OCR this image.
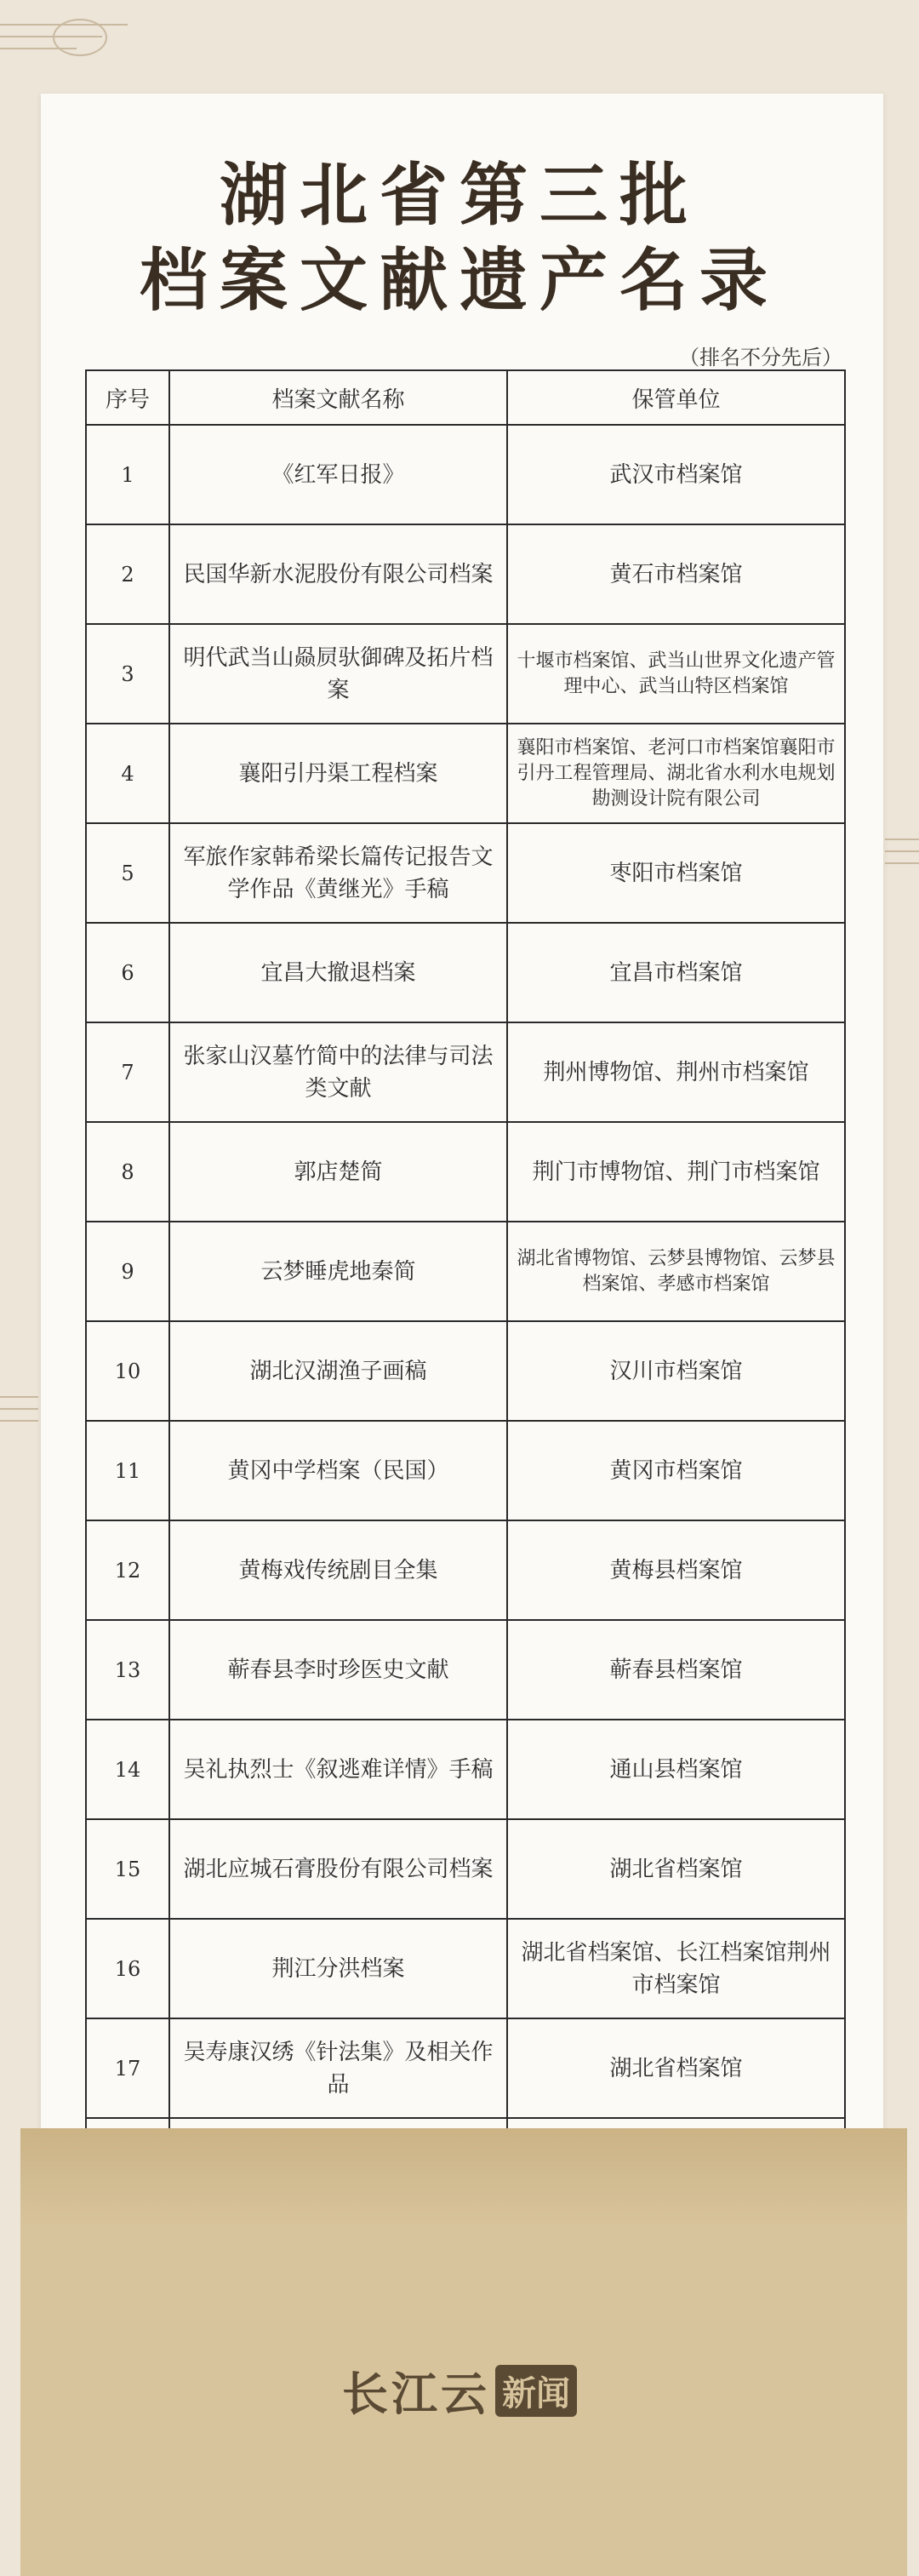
湖北省第三批
档案文献遗产名录
（排名不分先后）
序号	档案文献名称	保管单位
1	《红军日报》	武汉市档案馆
2	民国华新水泥股份有限公司档案	黄石市档案馆
3	明代武当山赑屃驮御碑及拓片档案	十堰市档案馆、武当山世界文化遗产管理中心、武当山特区档案馆
4	襄阳引丹渠工程档案	襄阳市档案馆、老河口市档案馆襄阳市引丹工程管理局、湖北省水利水电规划勘测设计院有限公司
5	军旅作家韩希梁长篇传记报告文学作品《黄继光》手稿	枣阳市档案馆
6	宜昌大撤退档案	宜昌市档案馆
7	张家山汉墓竹简中的法律与司法类文献	荆州博物馆、荆州市档案馆
8	郭店楚简	荆门市博物馆、荆门市档案馆
9	云梦睡虎地秦简	湖北省博物馆、云梦县博物馆、云梦县档案馆、孝感市档案馆
10	湖北汉湖渔子画稿	汉川市档案馆
11	黄冈中学档案（民国）	黄冈市档案馆
12	黄梅戏传统剧目全集	黄梅县档案馆
13	蕲春县李时珍医史文献	蕲春县档案馆
14	吴礼执烈士《叙逃难详情》手稿	通山县档案馆
15	湖北应城石膏股份有限公司档案	湖北省档案馆
16	荆江分洪档案	湖北省档案馆、长江档案馆荆州市档案馆
17	吴寿康汉绣《针法集》及相关作品	湖北省档案馆

长江云 新闻
